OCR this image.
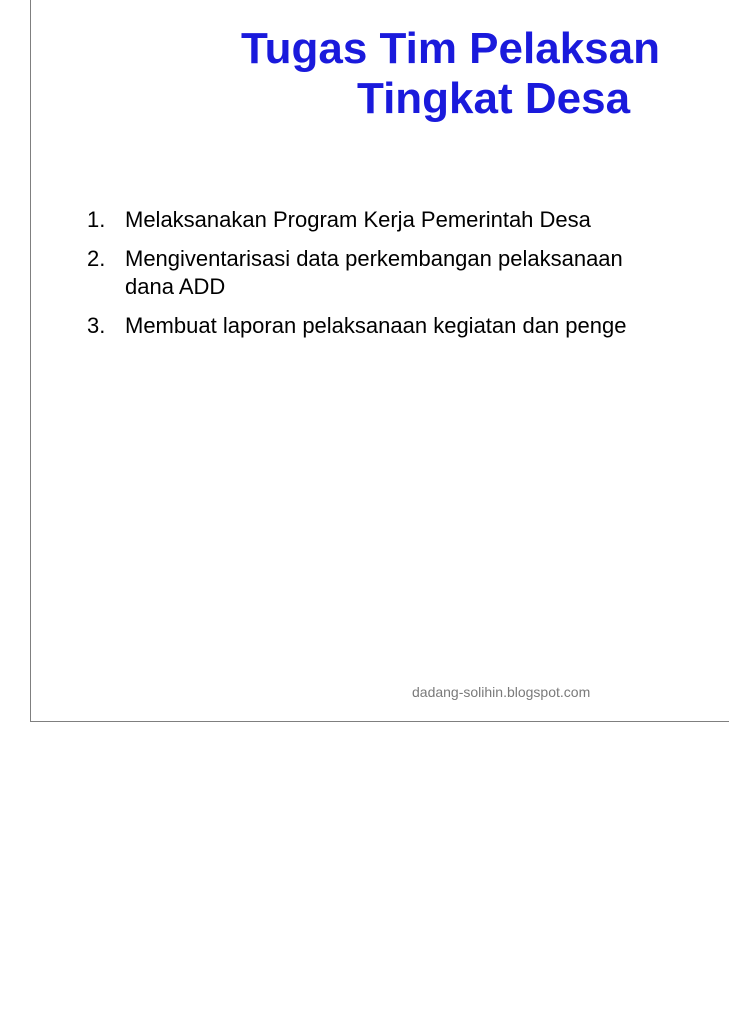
Tugas Tim Pelaksan
Tingkat Desa
1. Melaksanakan Program Kerja Pemerintah Desa
2. Mengiventarisasi data perkembangan pelaksanaan
dana ADD
3. Membuat laporan pelaksanaan kegiatan dan penge
dadang-solihin.blogspot.com
